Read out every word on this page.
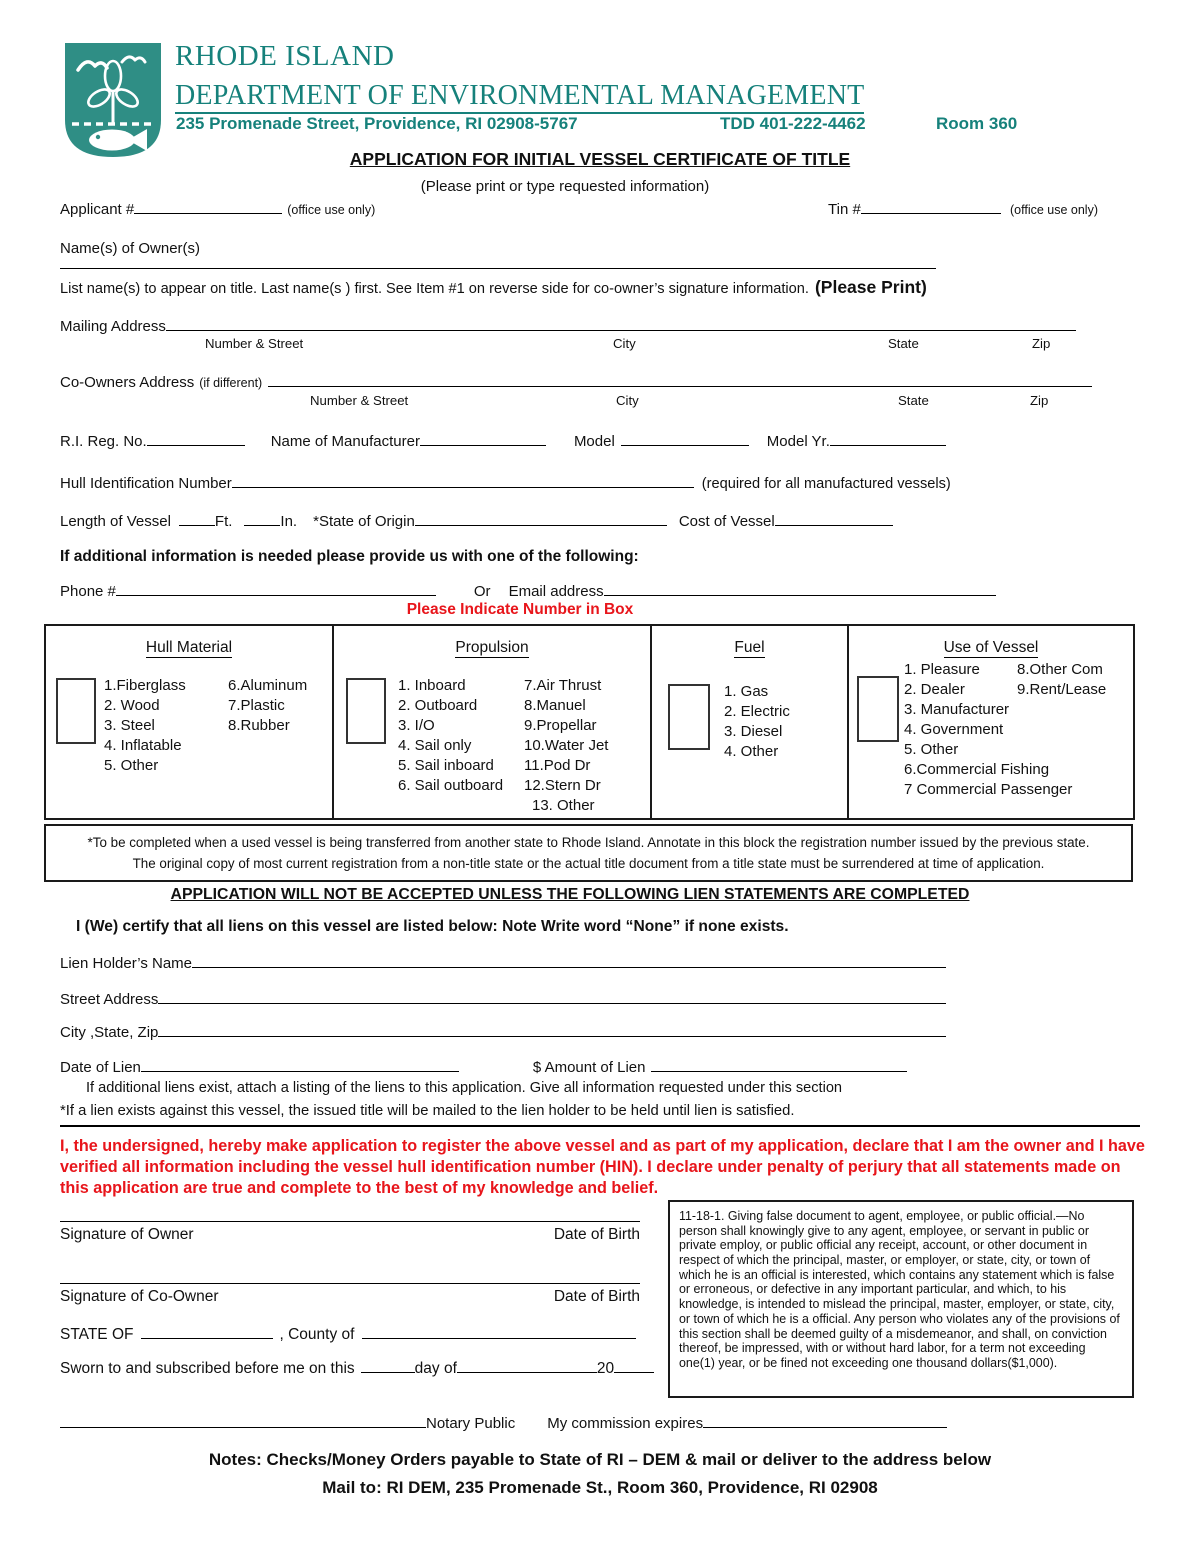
RHODE ISLAND
DEPARTMENT OF ENVIRONMENTAL MANAGEMENT
235 Promenade Street, Providence, RI 02908-5767	TDD 401-222-4462	Room 360
APPLICATION FOR INITIAL VESSEL CERTIFICATE OF TITLE
(Please print or type requested information)
Applicant #	(office use only)	Tin #	(office use only)
Name(s) of Owner(s)
List name(s) to appear on title. Last name(s ) first. See Item #1 on reverse side for co-owner’s signature information. (Please Print)
Mailing Address
Number & Street	City	State	Zip
Co-Owners Address (if different)
Number & Street	City	State	Zip
R.I. Reg. No.	Name of Manufacturer	Model	Model Yr.
Hull Identification Number	(required for all manufactured vessels)
Length of Vessel	Ft.	In. *State of Origin	Cost of Vessel
If additional information is needed please provide us with one of the following:
Phone #	Or Email address
Please Indicate Number in Box
Hull Material
1.Fiberglass
2. Wood
3. Steel
4. Inflatable
5. Other
6.Aluminum
7.Plastic
8.Rubber
Propulsion
1. Inboard
2. Outboard
3. I/O
4. Sail only
5. Sail inboard
6. Sail outboard
7.Air Thrust
8.Manuel
9.Propellar
10.Water Jet
11.Pod Dr
12.Stern Dr
13. Other
Fuel
1. Gas
2. Electric
3. Diesel
4. Other
Use of Vessel
1. Pleasure
2. Dealer
3. Manufacturer
4. Government
5. Other
6.Commercial Fishing
7 Commercial Passenger
8.Other Com
9.Rent/Lease
*To be completed when a used vessel is being transferred from another state to Rhode Island. Annotate in this block the registration number issued by the previous state.
The original copy of most current registration from a non-title state or the actual title document from a title state must be surrendered at time of application.
APPLICATION WILL NOT BE ACCEPTED UNLESS THE FOLLOWING LIEN STATEMENTS ARE COMPLETED
I (We) certify that all liens on this vessel are listed below: Note Write word “None” if none exists.
Lien Holder’s Name
Street Address
City ,State, Zip
Date of Lien	$ Amount of Lien
If additional liens exist, attach a listing of the liens to this application. Give all information requested under this section
*If a lien exists against this vessel, the issued title will be mailed to the lien holder to be held until lien is satisfied.
I, the undersigned, hereby make application to register the above vessel and as part of my application, declare that I am the owner and I have verified all information including the vessel hull identification number (HIN). I declare under penalty of perjury that all statements made on this application are true and complete to the best of my knowledge and belief.
11-18-1. Giving false document to agent, employee, or public official.—No person shall knowingly give to any agent, employee, or servant in public or private employ, or public official any receipt, account, or other document in respect of which the principal, master, or employer, or state, city, or town of which he is an official is interested, which contains any statement which is false or erroneous, or defective in any important particular, and which, to his knowledge, is intended to mislead the principal, master, employer, or state, city, or town of which he is a official. Any person who violates any of the provisions of this section shall be deemed guilty of a misdemeanor, and shall, on conviction thereof, be impressed, with or without hard labor, for a term not exceeding one(1) year, or be fined not exceeding one thousand dollars($1,000).
Signature of Owner	Date of Birth
Signature of Co-Owner	Date of Birth
STATE OF	, County of
Sworn to and subscribed before me on this	day of	20
Notary Public My commission expires
Notes: Checks/Money Orders payable to State of RI – DEM & mail or deliver to the address below
Mail to: RI DEM, 235 Promenade St., Room 360, Providence, RI 02908
